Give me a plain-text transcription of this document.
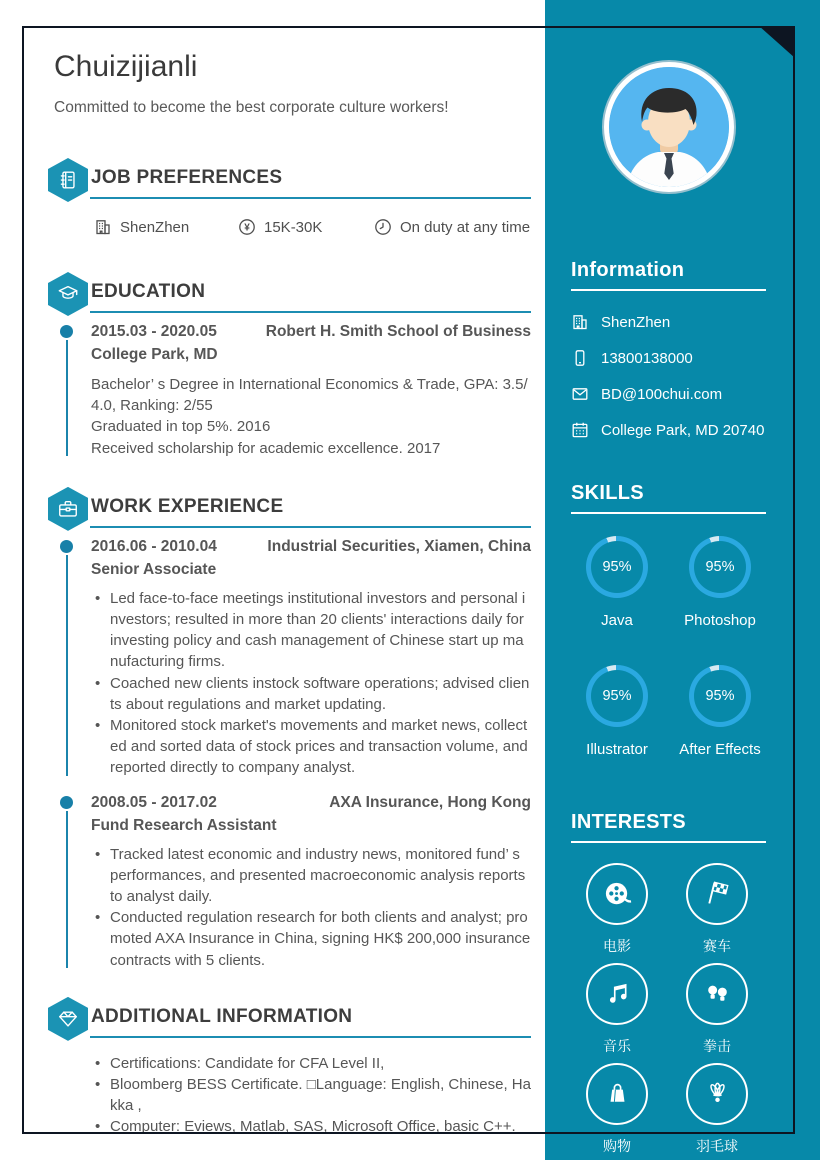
Information
ShenZhen
13800138000
BD@100chui.com
College Park, MD 20740
SKILLS
95%
Java
95%
Photoshop
95%
Illustrator
95%
After Effects
INTERESTS
电影	赛车
音乐	拳击
购物	羽毛球
Chuizijianli
Committed to become the best corporate culture workers!
JOB PREFERENCES
ShenZhen	¥ 15K-30K	On duty at any time
EDUCATION
2015.03 - 2020.05	Robert H. Smith School of Business
College Park, MD
Bachelor’ s Degree in International Economics & Trade, GPA: 3.5/4.0, Ranking: 2/55
Graduated in top 5%. 2016
Received scholarship for academic excellence. 2017
WORK EXPERIENCE
2016.06 - 2010.04	Industrial Securities, Xiamen, China
Senior Associate
• Led face-to-face meetings institutional investors and personal investors; resulted in more than 20 clients' interactions daily for investing policy and cash management of Chinese start up manufacturing firms.
• Coached new clients instock software operations; advised clients about regulations and market updating.
• Monitored stock market's movements and market news, collected and sorted data of stock prices and transaction volume, and reported directly to company analyst.
2008.05 - 2017.02	AXA Insurance, Hong Kong
Fund Research Assistant
• Tracked latest economic and industry news, monitored fund’ s performances, and presented macroeconomic analysis reports to analyst daily.
• Conducted regulation research for both clients and analyst; promoted AXA Insurance in China, signing HK$ 200,000 insurance contracts with 5 clients.
ADDITIONAL INFORMATION
• Certifications: Candidate for CFA Level II,
• Bloomberg BESS Certificate. □Language: English, Chinese, Hakka ,
• Computer: Eviews, Matlab, SAS, Microsoft Office, basic C++.
